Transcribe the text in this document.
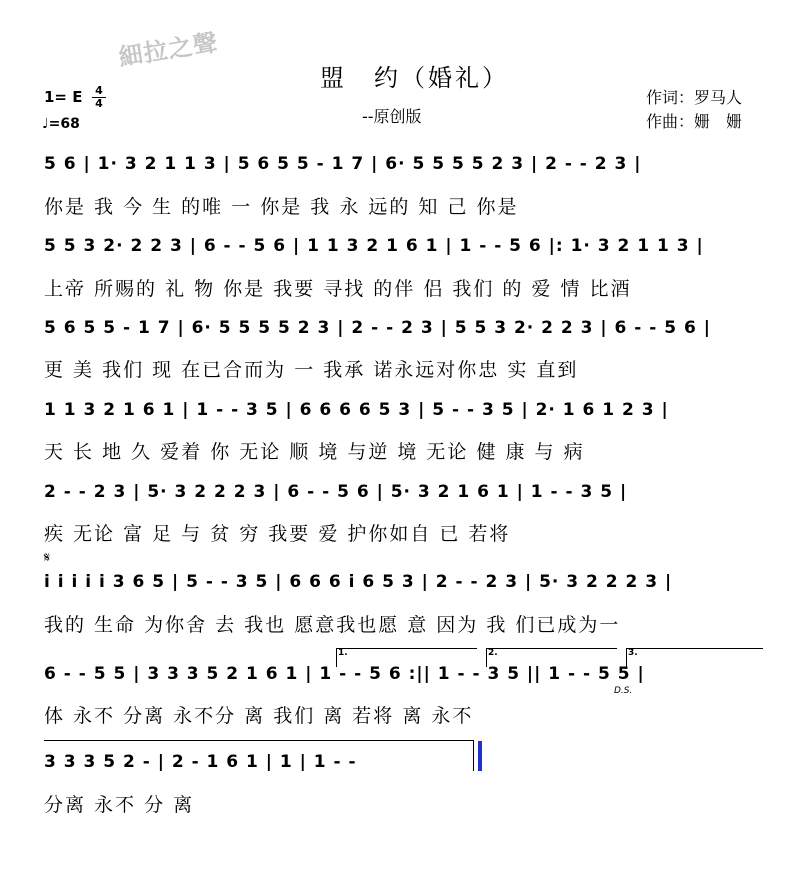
細拉之聲
盟　约（婚礼）
--原创版
1= E 4
4
♩=68
作词：罗马人
作曲：姗　姗
5 6 | 1· 3 2 1 1 3 | 5 6 5 5 - 1 7 | 6· 5 5 5 5 2 3 | 2 - - 2 3 |
你是 我 今 生 的唯 一 你是 我 永 远的 知 己 你是
5 5 3 2· 2 2 3 | 6 - - 5 6 | 1 1 3 2 1 6 1 | 1 - - 5 6 |: 1· 3 2 1 1 3 |
上帝 所赐的 礼 物 你是 我要 寻找 的伴 侣 我们 的 爱 情 比酒
5 6 5 5 - 1 7 | 6· 5 5 5 5 2 3 | 2 - - 2 3 | 5 5 3 2· 2 2 3 | 6 - - 5 6 |
更 美 我们 现 在已合而为 一 我承 诺永远对你忠 实 直到
1 1 3 2 1 6 1 | 1 - - 3 5 | 6 6 6 6 5 3 | 5 - - 3 5 | 2· 1 6 1 2 3 |
天 长 地 久 爱着 你 无论 顺 境 与逆 境 无论 健 康 与 病
2 - - 2 3 | 5· 3 2 2 2 3 | 6 - - 5 6 | 5· 3 2 1 6 1 | 1 - - 3 5 |
疾 无论 富 足 与 贫 穷 我要 爱 护你如自 已 若将
𝄋
i i i i i 3 6 5 | 5 - - 3 5 | 6 6 6 i 6 5 3 | 2 - - 2 3 | 5· 3 2 2 2 3 |
我的 生命 为你舍 去 我也 愿意我也愿 意 因为 我 们已成为一
1.	2.	3.
6 - - 5 5 | 3 3 3 5 2 1 6 1 | 1 - - 5 6 :|| 1 - - 3 5 || 1 - - 5 5 |
D.S.
体 永不 分离 永不分 离 我们 离 若将 离 永不
3 3 3 5 2 - | 2 - 1 6 1 | 1 | 1 - -
分离 永不 分 离
